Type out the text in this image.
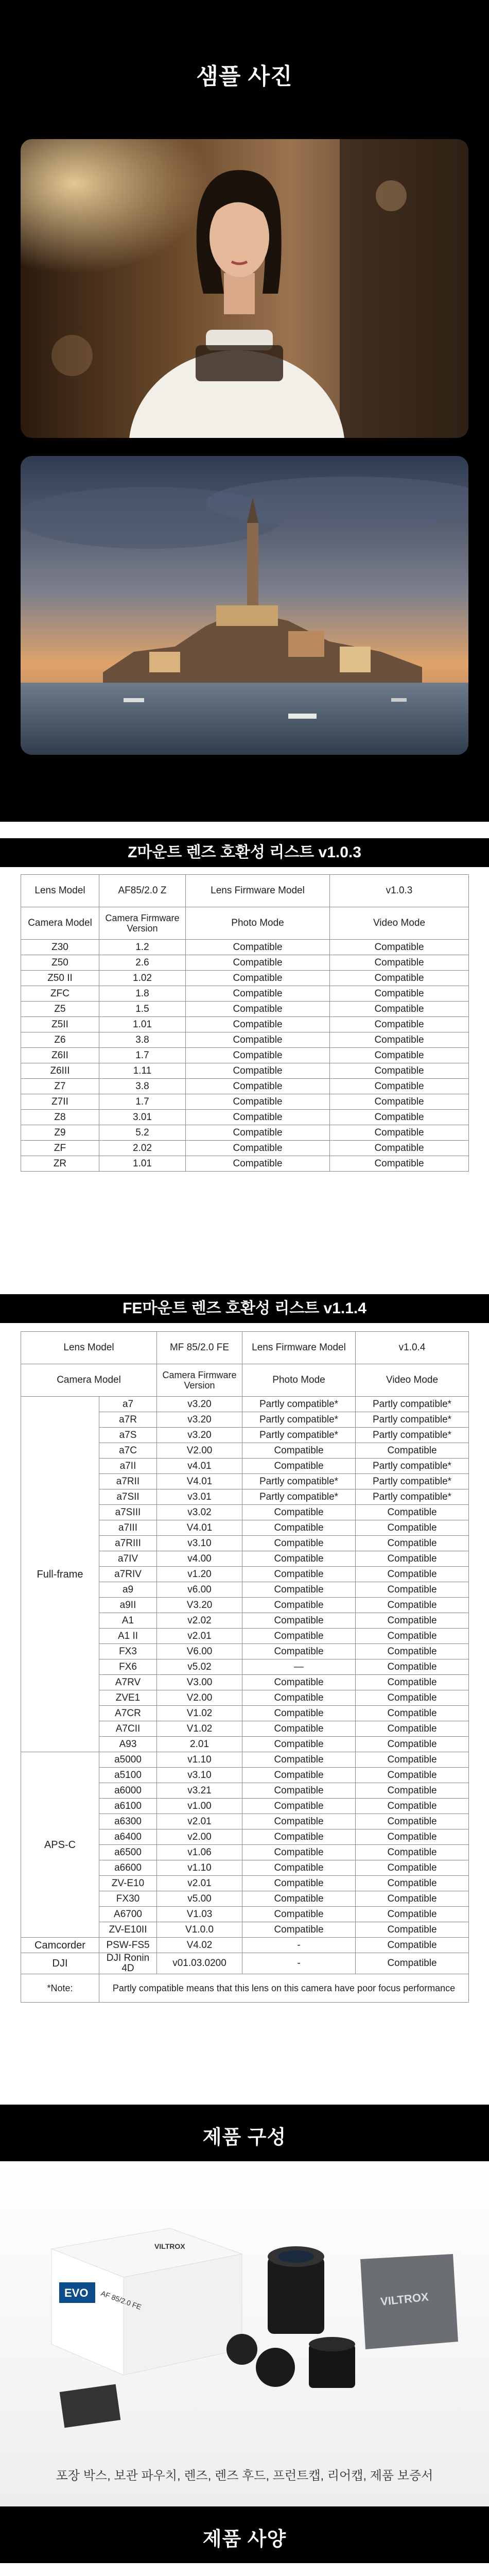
샘플 사진
Z마운트 렌즈 호환성 리스트 v1.0.3
Lens Model	AF85/2.0 Z	Lens Firmware Model	v1.0.3
Camera Model	Camera Firmware Version	Photo Mode	Video Mode
Z30	1.2	Compatible	Compatible
Z50	2.6	Compatible	Compatible
Z50 II	1.02	Compatible	Compatible
ZFC	1.8	Compatible	Compatible
Z5	1.5	Compatible	Compatible
Z5II	1.01	Compatible	Compatible
Z6	3.8	Compatible	Compatible
Z6II	1.7	Compatible	Compatible
Z6III	1.11	Compatible	Compatible
Z7	3.8	Compatible	Compatible
Z7II	1.7	Compatible	Compatible
Z8	3.01	Compatible	Compatible
Z9	5.2	Compatible	Compatible
ZF	2.02	Compatible	Compatible
ZR	1.01	Compatible	Compatible
FE마운트 렌즈 호환성 리스트 v1.1.4
Lens Model		MF 85/2.0 FE	Lens Firmware Model	v1.0.4
Camera Model		Camera Firmware Version	Photo Mode	Video Mode
Full-frame	a7	v3.20	Partly compatible*	Partly compatible*
	a7R	v3.20	Partly compatible*	Partly compatible*
	a7S	v3.20	Partly compatible*	Partly compatible*
	a7C	V2.00	Compatible	Compatible
	a7II	v4.01	Compatible	Partly compatible*
	a7RII	V4.01	Partly compatible*	Partly compatible*
	a7SII	v3.01	Partly compatible*	Partly compatible*
	a7SIII	v3.02	Compatible	Compatible
	a7III	V4.01	Compatible	Compatible
	a7RIII	v3.10	Compatible	Compatible
	a7IV	v4.00	Compatible	Compatible
	a7RIV	v1.20	Compatible	Compatible
	a9	v6.00	Compatible	Compatible
	a9II	V3.20	Compatible	Compatible
	A1	v2.02	Compatible	Compatible
	A1 II	v2.01	Compatible	Compatible
	FX3	V6.00	Compatible	Compatible
	FX6	v5.02	—	Compatible
	A7RV	V3.00	Compatible	Compatible
	ZVE1	V2.00	Compatible	Compatible
	A7CR	V1.02	Compatible	Compatible
	A7CII	V1.02	Compatible	Compatible
	A93	2.01	Compatible	Compatible
APS-C	a5000	v1.10	Compatible	Compatible
	a5100	v3.10	Compatible	Compatible
	a6000	v3.21	Compatible	Compatible
	a6100	v1.00	Compatible	Compatible
	a6300	v2.01	Compatible	Compatible
	a6400	v2.00	Compatible	Compatible
	a6500	v1.06	Compatible	Compatible
	a6600	v1.10	Compatible	Compatible
	ZV-E10	v2.01	Compatible	Compatible
	FX30	v5.00	Compatible	Compatible
	A6700	V1.03	Compatible	Compatible
	ZV-E10II	V1.0.0	Compatible	Compatible
Camcorder	PSW-FS5	V4.02	-	Compatible
DJI	DJI Ronin 4D	v01.03.0200	-	Compatible
*Note:	Partly compatible means that this lens on this camera have poor focus performance			
제품 구성
VILTROX
EVO AF 85/2.0 FE	VILTROX
포장 박스, 보관 파우치, 렌즈, 렌즈 후드, 프런트캡, 리어캡, 제품 보증서
제품 사양
